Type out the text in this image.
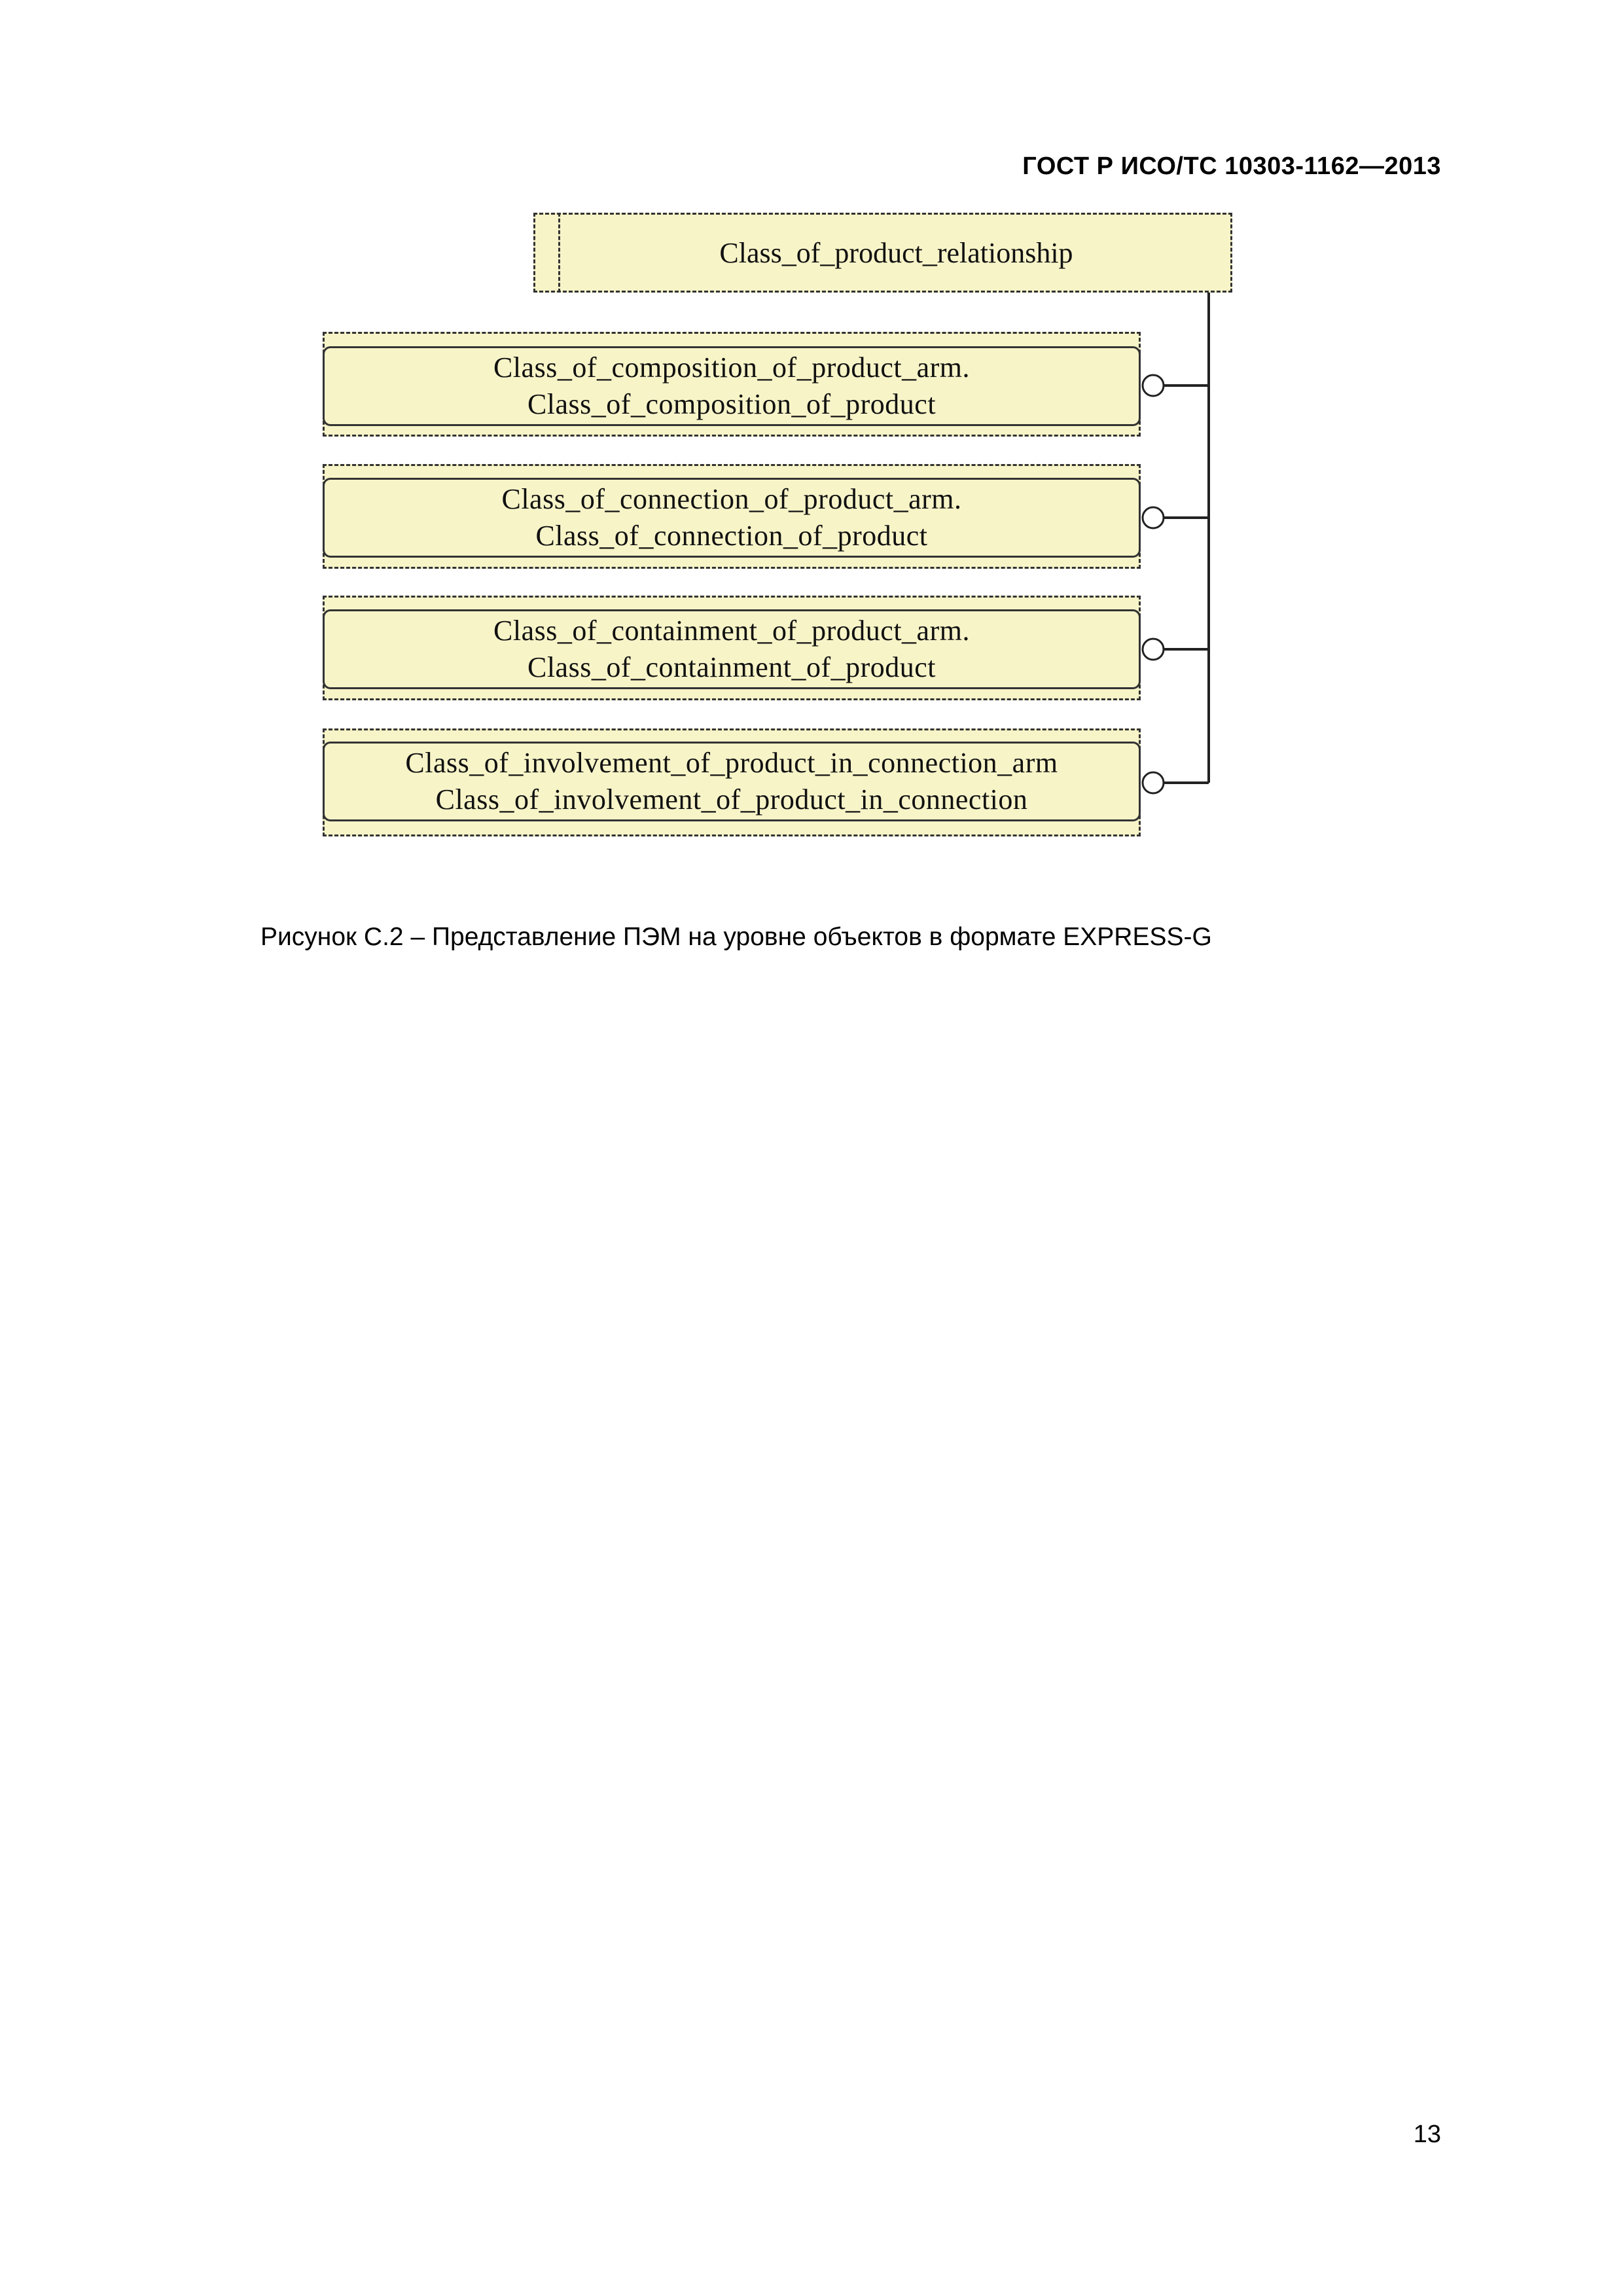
ГОСТ Р ИСО/ТС 10303-1162—2013
Class_of_product_relationship
Class_of_composition_of_product_arm.
Class_of_composition_of_product
Class_of_connection_of_product_arm.
Class_of_connection_of_product
Class_of_containment_of_product_arm.
Class_of_containment_of_product
Class_of_involvement_of_product_in_connection_arm
Class_of_involvement_of_product_in_connection
Рисунок С.2 – Представление ПЭМ на уровне объектов в формате EXPRESS-G
13
